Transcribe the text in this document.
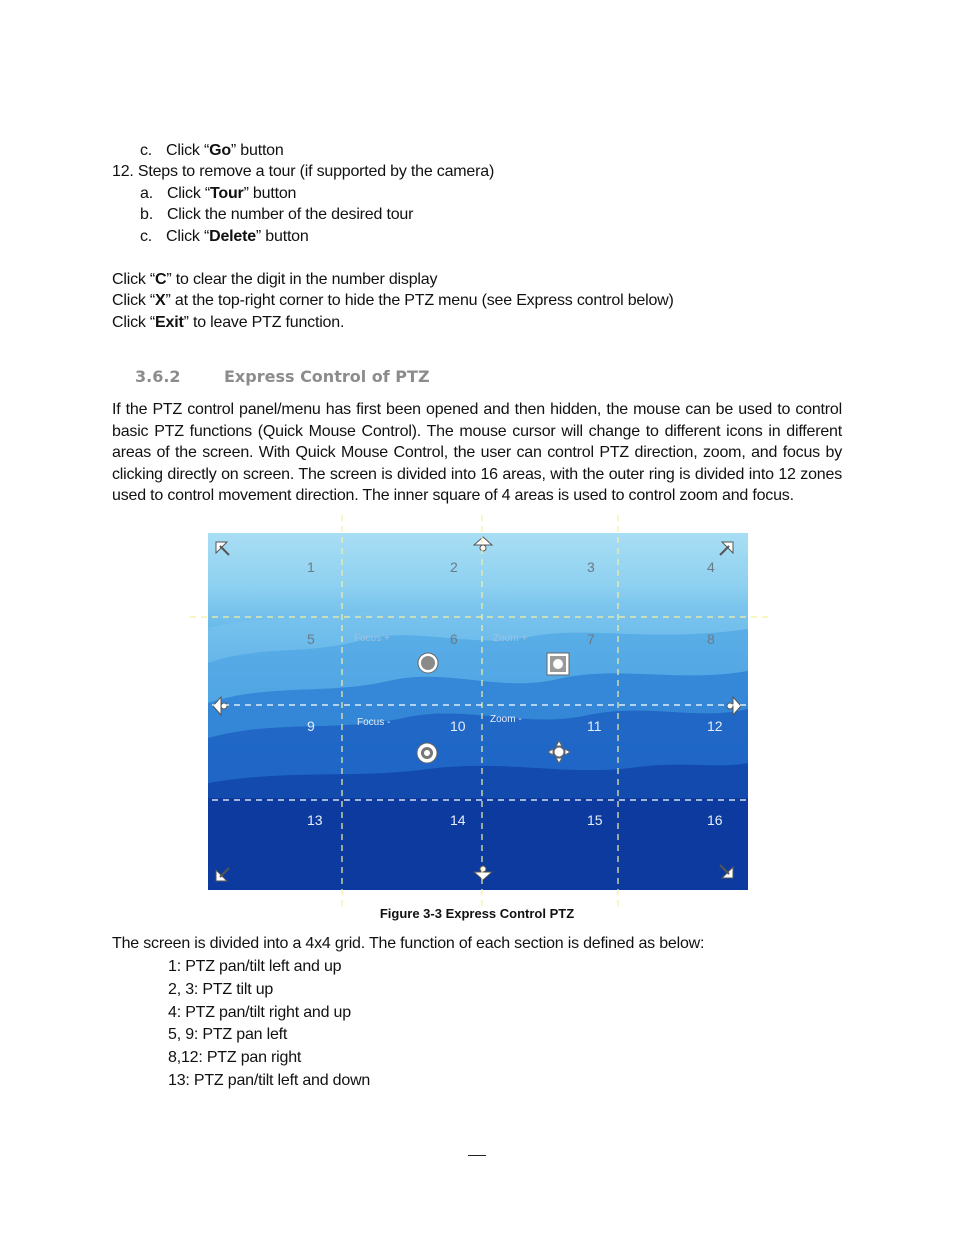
c. Click “Go” button
12. Steps to remove a tour (if supported by the camera)
a. Click “Tour” button
b. Click the number of the desired tour
c. Click “Delete” button
Click “C” to clear the digit in the number display
Click “X” at the top-right corner to hide the PTZ menu (see Express control below)
Click “Exit” to leave PTZ function.
3.6.2	Express Control of PTZ
If the PTZ control panel/menu has first been opened and then hidden, the mouse can be used to control basic PTZ functions (Quick Mouse Control). The mouse cursor will change to different icons in different areas of the screen. With Quick Mouse Control, the user can control PTZ direction, zoom, and focus by clicking directly on screen. The screen is divided into 16 areas, with the outer ring is divided into 12 zones used to control movement direction. The inner square of 4 areas is used to control zoom and focus.
1	2	3	4
5	6	7	8
9	10	11	12
13	14	15	16
Focus +	Zoom +
Focus -	Zoom -
Figure 3-3 Express Control PTZ
The screen is divided into a 4x4 grid. The function of each section is defined as below:
1: PTZ pan/tilt left and up
2, 3: PTZ tilt up
4: PTZ pan/tilt right and up
5, 9: PTZ pan left
8,12: PTZ pan right
13: PTZ pan/tilt left and down
